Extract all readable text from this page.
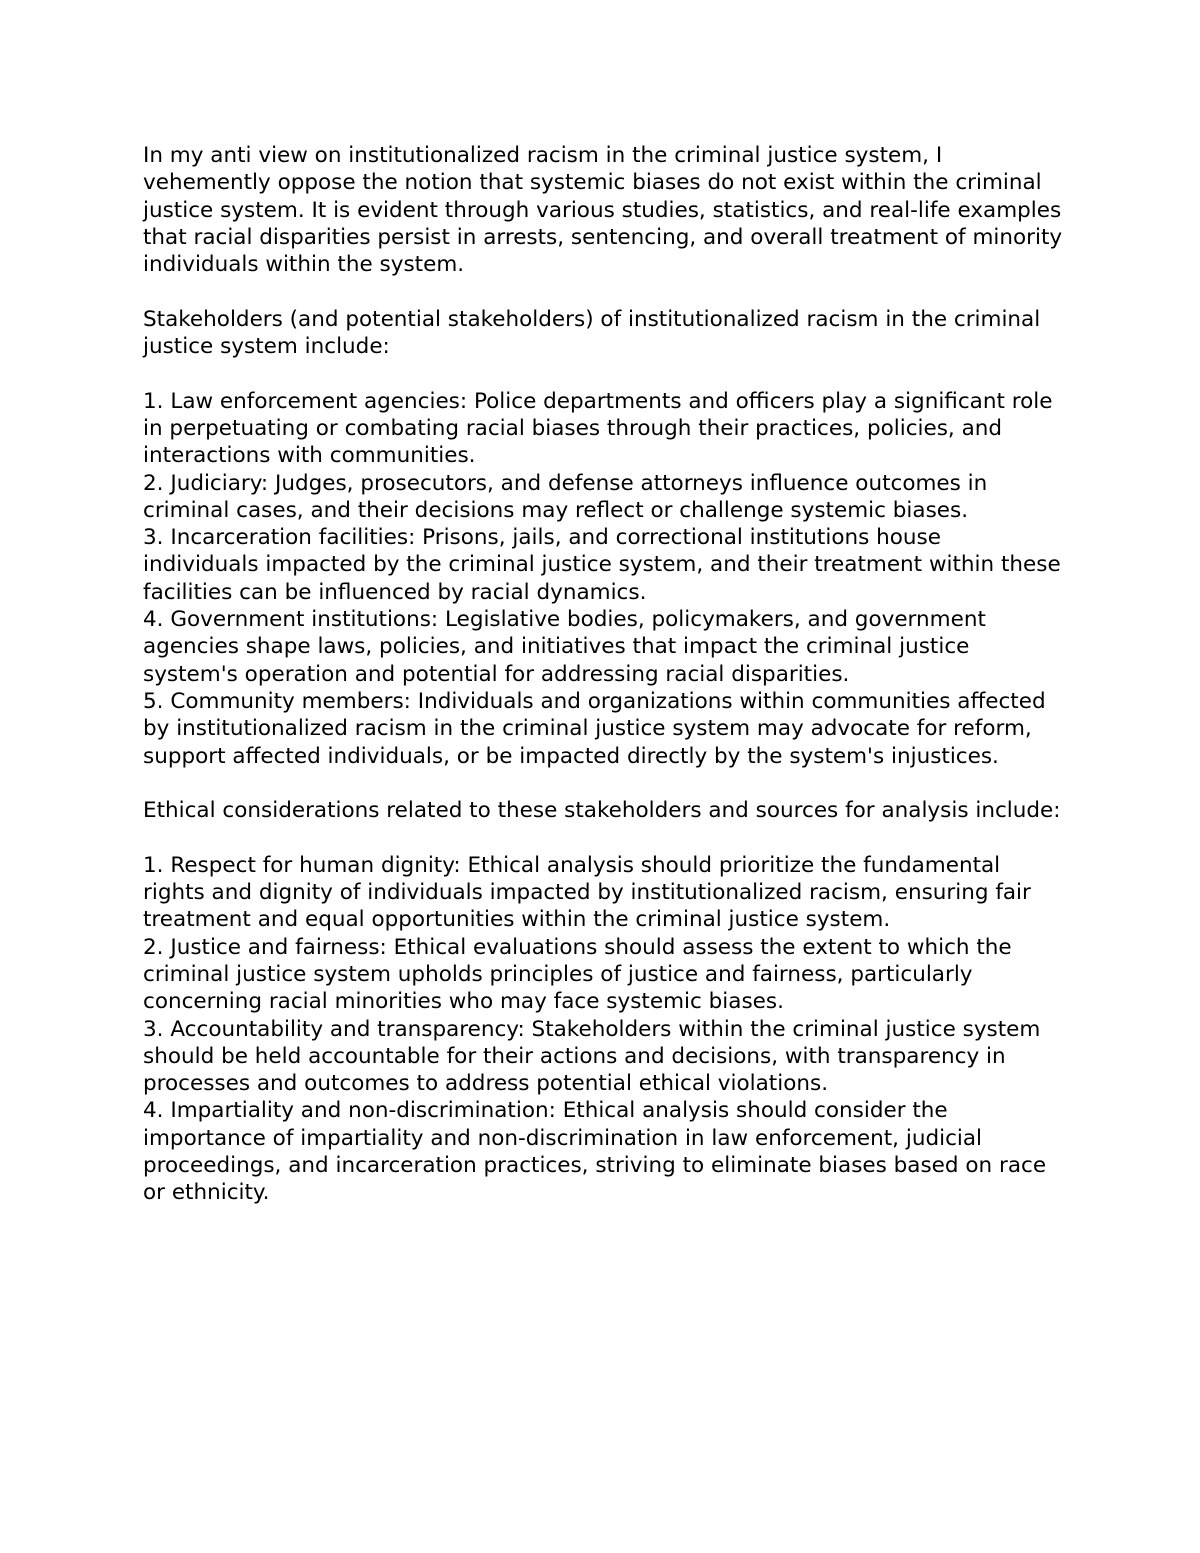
In my anti view on institutionalized racism in the criminal justice system, I vehemently oppose the notion that systemic biases do not exist within the criminal justice system. It is evident through various studies, statistics, and real-life examples that racial disparities persist in arrests, sentencing, and overall treatment of minority individuals within the system.

Stakeholders (and potential stakeholders) of institutionalized racism in the criminal justice system include:

1. Law enforcement agencies: Police departments and officers play a significant role in perpetuating or combating racial biases through their practices, policies, and interactions with communities.

2. Judiciary: Judges, prosecutors, and defense attorneys influence outcomes in criminal cases, and their decisions may reflect or challenge systemic biases.

3. Incarceration facilities: Prisons, jails, and correctional institutions house individuals impacted by the criminal justice system, and their treatment within these facilities can be influenced by racial dynamics.

4. Government institutions: Legislative bodies, policymakers, and government agencies shape laws, policies, and initiatives that impact the criminal justice system's operation and potential for addressing racial disparities.

5. Community members: Individuals and organizations within communities affected by institutionalized racism in the criminal justice system may advocate for reform, support affected individuals, or be impacted directly by the system's injustices.

Ethical considerations related to these stakeholders and sources for analysis include:

1. Respect for human dignity: Ethical analysis should prioritize the fundamental rights and dignity of individuals impacted by institutionalized racism, ensuring fair treatment and equal opportunities within the criminal justice system.

2. Justice and fairness: Ethical evaluations should assess the extent to which the criminal justice system upholds principles of justice and fairness, particularly concerning racial minorities who may face systemic biases.

3. Accountability and transparency: Stakeholders within the criminal justice system should be held accountable for their actions and decisions, with transparency in processes and outcomes to address potential ethical violations.

4. Impartiality and non-discrimination: Ethical analysis should consider the importance of impartiality and non-discrimination in law enforcement, judicial proceedings, and incarceration practices, striving to eliminate biases based on race or ethnicity.
